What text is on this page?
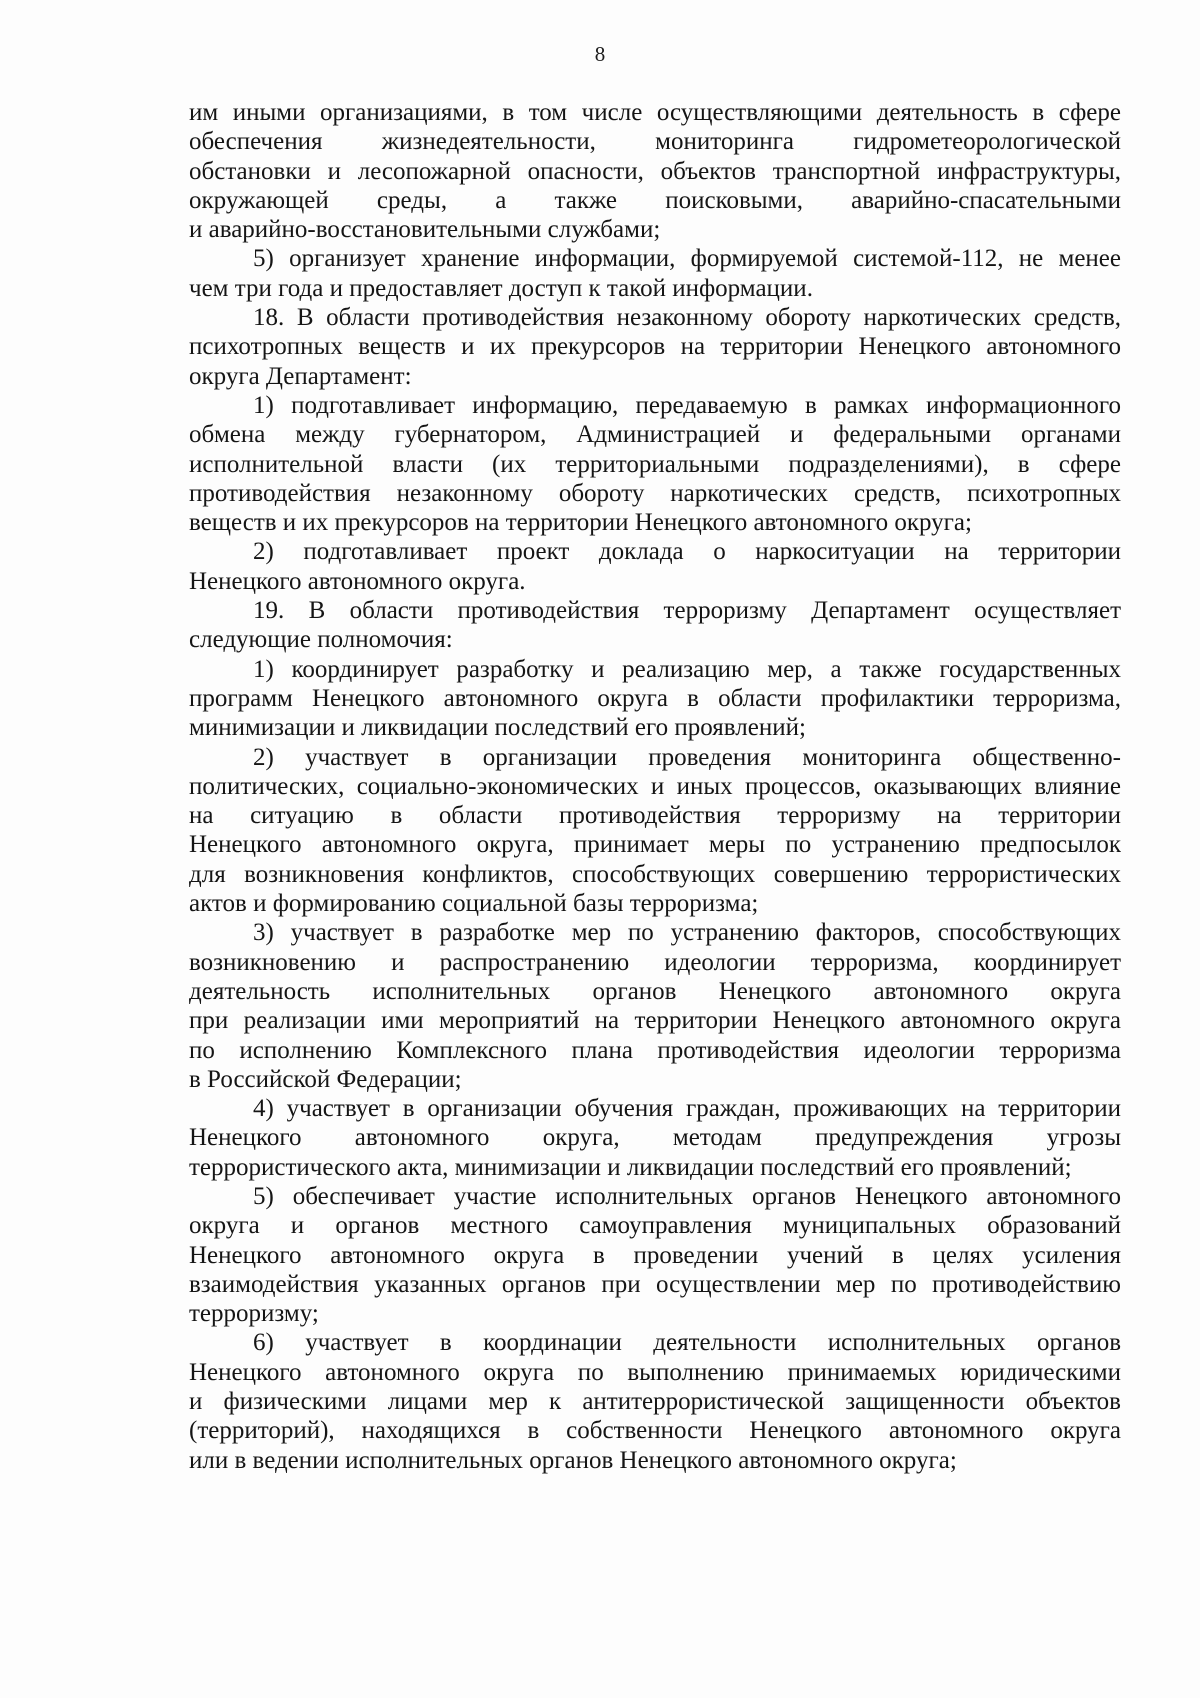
8
им иными организациями, в том числе осуществляющими деятельность в сфере
обеспечения жизнедеятельности, мониторинга гидрометеорологической
обстановки и лесопожарной опасности, объектов транспортной инфраструктуры,
окружающей среды, а также поисковыми, аварийно-спасательными
и аварийно-восстановительными службами;
5) организует хранение информации, формируемой системой-112, не менее
чем три года и предоставляет доступ к такой информации.
18. В области противодействия незаконному обороту наркотических средств,
психотропных веществ и их прекурсоров на территории Ненецкого автономного
округа Департамент:
1) подготавливает информацию, передаваемую в рамках информационного
обмена между губернатором, Администрацией и федеральными органами
исполнительной власти (их территориальными подразделениями), в сфере
противодействия незаконному обороту наркотических средств, психотропных
веществ и их прекурсоров на территории Ненецкого автономного округа;
2) подготавливает проект доклада о наркоситуации на территории
Ненецкого автономного округа.
19. В области противодействия терроризму Департамент осуществляет
следующие полномочия:
1) координирует разработку и реализацию мер, а также государственных
программ Ненецкого автономного округа в области профилактики терроризма,
минимизации и ликвидации последствий его проявлений;
2) участвует в организации проведения мониторинга общественно-
политических, социально-экономических и иных процессов, оказывающих влияние
на ситуацию в области противодействия терроризму на территории
Ненецкого автономного округа, принимает меры по устранению предпосылок
для возникновения конфликтов, способствующих совершению террористических
актов и формированию социальной базы терроризма;
3) участвует в разработке мер по устранению факторов, способствующих
возникновению и распространению идеологии терроризма, координирует
деятельность исполнительных органов Ненецкого автономного округа
при реализации ими мероприятий на территории Ненецкого автономного округа
по исполнению Комплексного плана противодействия идеологии терроризма
в Российской Федерации;
4) участвует в организации обучения граждан, проживающих на территории
Ненецкого автономного округа, методам предупреждения угрозы
террористического акта, минимизации и ликвидации последствий его проявлений;
5) обеспечивает участие исполнительных органов Ненецкого автономного
округа и органов местного самоуправления муниципальных образований
Ненецкого автономного округа в проведении учений в целях усиления
взаимодействия указанных органов при осуществлении мер по противодействию
терроризму;
6) участвует в координации деятельности исполнительных органов
Ненецкого автономного округа по выполнению принимаемых юридическими
и физическими лицами мер к антитеррористической защищенности объектов
(территорий), находящихся в собственности Ненецкого автономного округа
или в ведении исполнительных органов Ненецкого автономного округа;
